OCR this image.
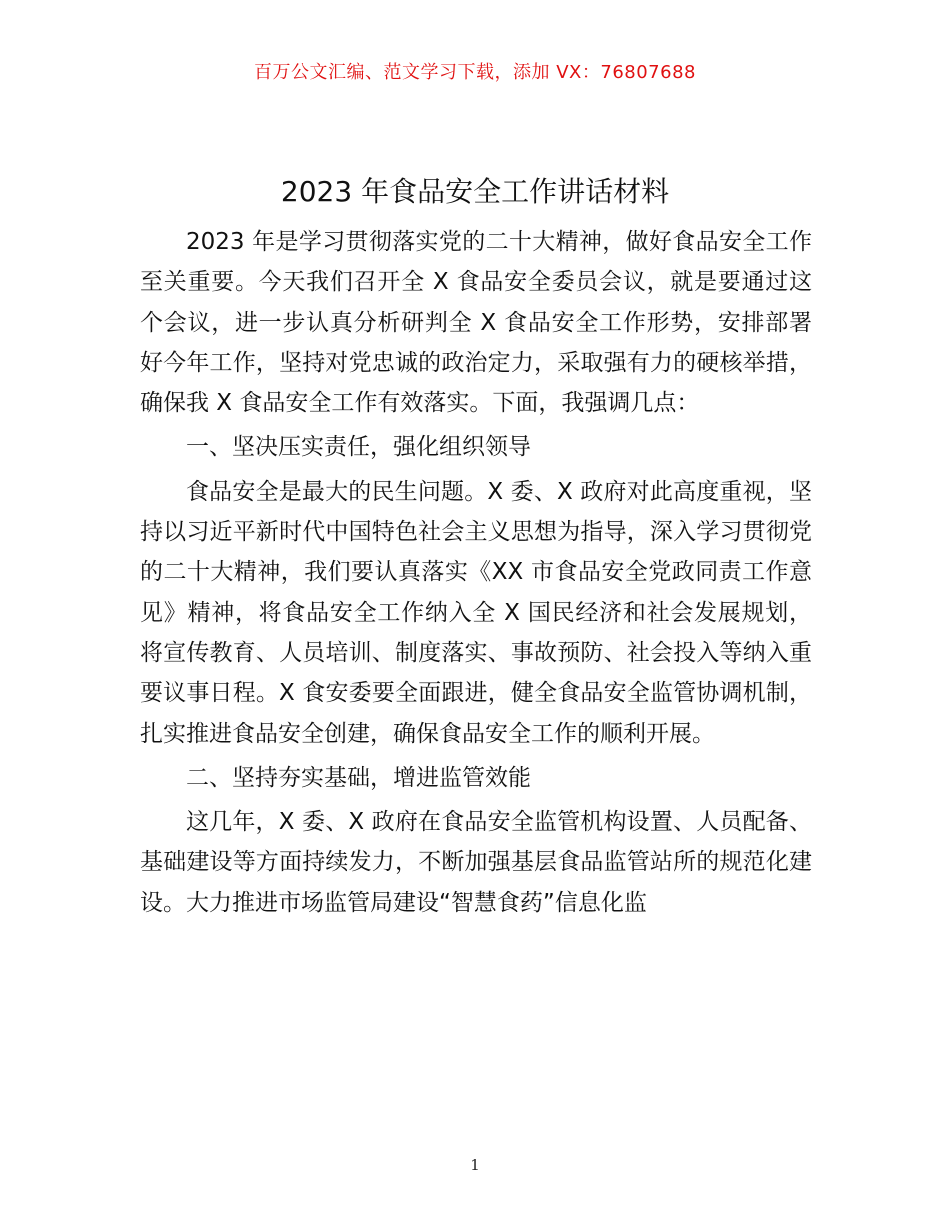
百万公文汇编、范文学习下载，添加 VX：76807688
2023 年食品安全工作讲话材料

2023 年是学习贯彻落实党的二十大精神，做好食品安全工作至关重要。今天我们召开全 X 食品安全委员会议，就是要通过这个会议，进一步认真分析研判全 X 食品安全工作形势，安排部署好今年工作，坚持对党忠诚的政治定力，采取强有力的硬核举措，确保我 X 食品安全工作有效落实。下面，我强调几点：

一、坚决压实责任，强化组织领导

食品安全是最大的民生问题。X 委、X 政府对此高度重视，坚持以习近平新时代中国特色社会主义思想为指导，深入学习贯彻党的二十大精神，我们要认真落实《XX 市食品安全党政同责工作意见》精神，将食品安全工作纳入全 X 国民经济和社会发展规划，将宣传教育、人员培训、制度落实、事故预防、社会投入等纳入重要议事日程。X 食安委要全面跟进，健全食品安全监管协调机制，扎实推进食品安全创建，确保食品安全工作的顺利开展。

二、坚持夯实基础，增进监管效能

这几年，X 委、X 政府在食品安全监管机构设置、人员配备、基础建设等方面持续发力，不断加强基层食品监管站所的规范化建设。大力推进市场监管局建设“智慧食药”信息化监

1
